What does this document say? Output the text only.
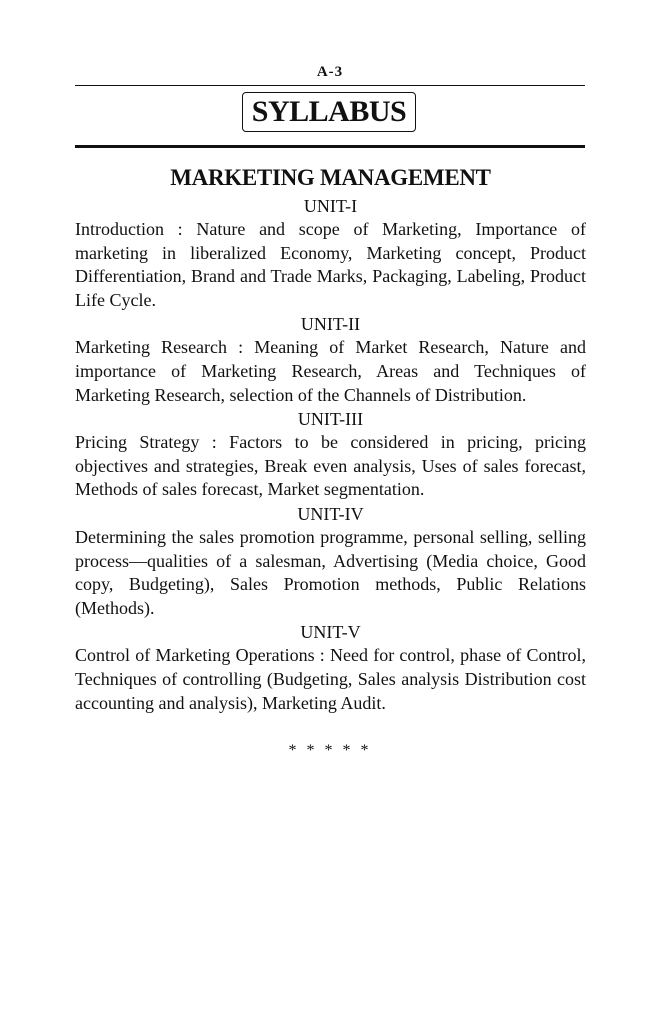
A-3
SYLLABUS
MARKETING MANAGEMENT
UNIT-I

Introduction : Nature and scope of Marketing, Importance of marketing in liberalized Economy, Marketing concept, Product Differentiation, Brand and Trade Marks, Packaging, Labeling, Product Life Cycle.

UNIT-II

Marketing Research : Meaning of Market Research, Nature and importance of Marketing Research, Areas and Techniques of Marketing Research, selection of the Channels of Distribution.

UNIT-III

Pricing Strategy : Factors to be considered in pricing, pricing objectives and strategies, Break even analysis, Uses of sales forecast, Methods of sales forecast, Market segmentation.

UNIT-IV

Determining the sales promotion programme, personal selling, selling process—qualities of a salesman, Advertising (Media choice, Good copy, Budgeting), Sales Promotion methods, Public Relations (Methods).

UNIT-V

Control of Marketing Operations : Need for control, phase of Control, Techniques of controlling (Budgeting, Sales analysis Distribution cost accounting and analysis), Marketing Audit.

* * * * *
